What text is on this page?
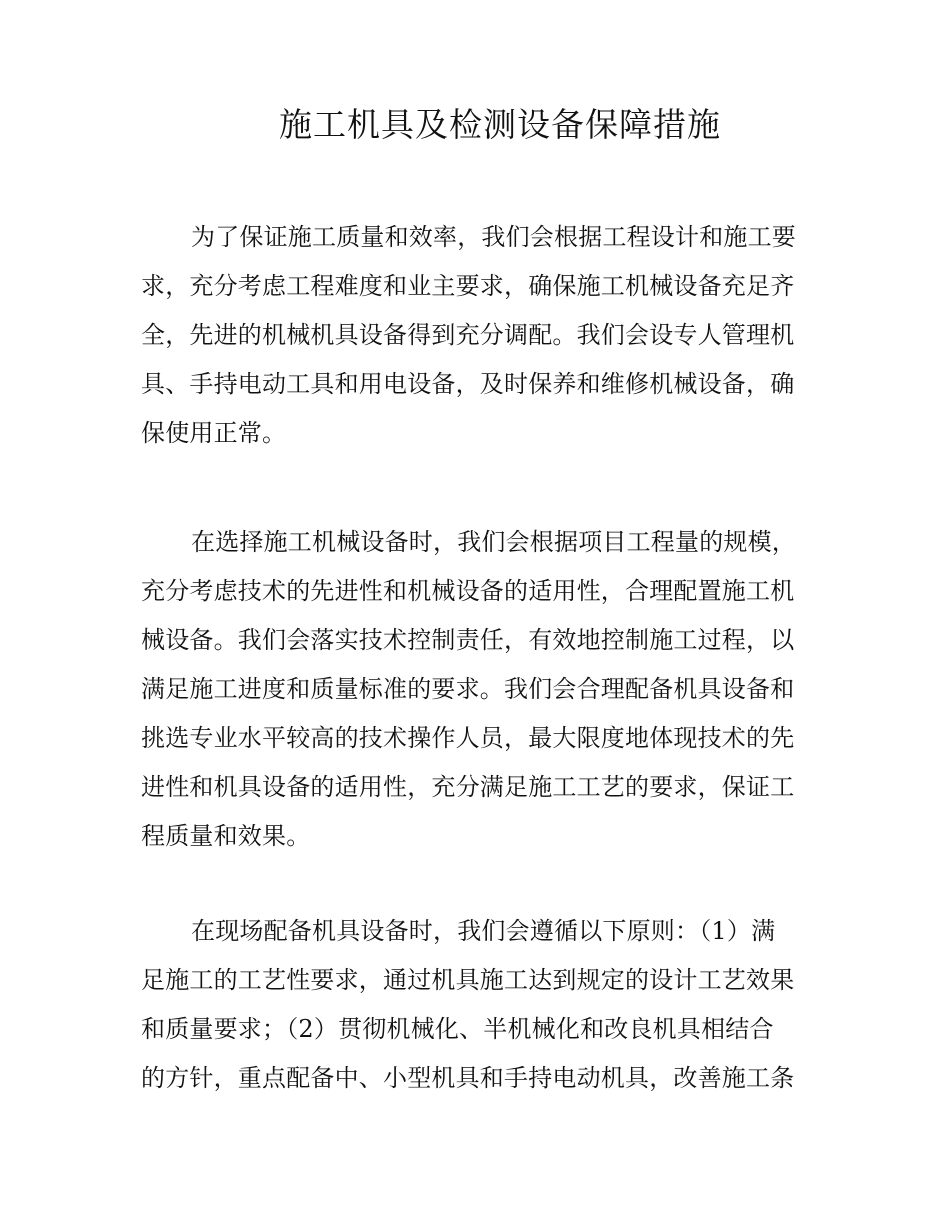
施工机具及检测设备保障措施
为了保证施工质量和效率，我们会根据工程设计和施工要
求，充分考虑工程难度和业主要求，确保施工机械设备充足齐
全，先进的机械机具设备得到充分调配。我们会设专人管理机
具、手持电动工具和用电设备，及时保养和维修机械设备，确
保使用正常。
在选择施工机械设备时，我们会根据项目工程量的规模，
充分考虑技术的先进性和机械设备的适用性，合理配置施工机
械设备。我们会落实技术控制责任，有效地控制施工过程，以
满足施工进度和质量标准的要求。我们会合理配备机具设备和
挑选专业水平较高的技术操作人员，最大限度地体现技术的先
进性和机具设备的适用性，充分满足施工工艺的要求，保证工
程质量和效果。
在现场配备机具设备时，我们会遵循以下原则：（1）满
足施工的工艺性要求，通过机具施工达到规定的设计工艺效果
和质量要求；（2）贯彻机械化、半机械化和改良机具相结合
的方针，重点配备中、小型机具和手持电动机具，改善施工条
